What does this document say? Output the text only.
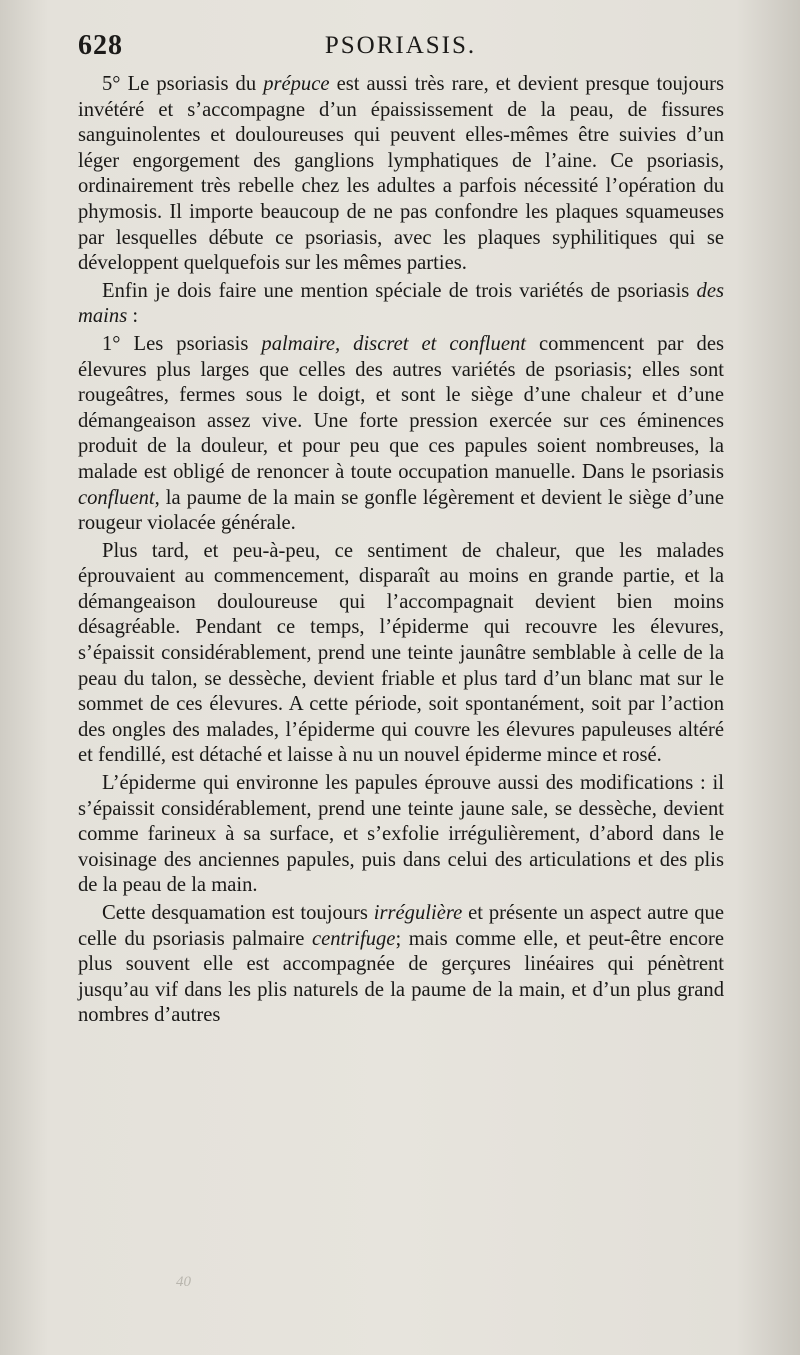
628	PSORIASIS.

5° Le psoriasis du prépuce est aussi très rare, et devient presque toujours invétéré et s’accompagne d’un épaississement de la peau, de fissures sanguinolentes et douloureuses qui peuvent elles-mêmes être suivies d’un léger engorgement des ganglions lymphatiques de l’aine. Ce psoriasis, ordinairement très rebelle chez les adultes a parfois nécessité l’opération du phymosis. Il importe beaucoup de ne pas confondre les plaques squameuses par lesquelles débute ce psoriasis, avec les plaques syphilitiques qui se développent quelquefois sur les mêmes parties.

Enfin je dois faire une mention spéciale de trois variétés de psoriasis des mains :

1° Les psoriasis palmaire, discret et confluent commencent par des élevures plus larges que celles des autres variétés de psoriasis; elles sont rougeâtres, fermes sous le doigt, et sont le siège d’une chaleur et d’une démangeaison assez vive. Une forte pression exercée sur ces éminences produit de la douleur, et pour peu que ces papules soient nombreuses, la malade est obligé de renoncer à toute occupation manuelle. Dans le psoriasis confluent, la paume de la main se gonfle légèrement et devient le siège d’une rougeur violacée générale.

Plus tard, et peu-à-peu, ce sentiment de chaleur, que les malades éprouvaient au commencement, disparaît au moins en grande partie, et la démangeaison douloureuse qui l’accompagnait devient bien moins désagréable. Pendant ce temps, l’épiderme qui recouvre les élevures, s’épaissit considérablement, prend une teinte jaunâtre semblable à celle de la peau du talon, se dessèche, devient friable et plus tard d’un blanc mat sur le sommet de ces élevures. A cette période, soit spontanément, soit par l’action des ongles des malades, l’épiderme qui couvre les élevures papuleuses altéré et fendillé, est détaché et laisse à nu un nouvel épiderme mince et rosé.

L’épiderme qui environne les papules éprouve aussi des modifications : il s’épaissit considérablement, prend une teinte jaune sale, se dessèche, devient comme farineux à sa surface, et s’exfolie irrégulièrement, d’abord dans le voisinage des anciennes papules, puis dans celui des articulations et des plis de la peau de la main.

Cette desquamation est toujours irrégulière et présente un aspect autre que celle du psoriasis palmaire centrifuge; mais comme elle, et peut-être encore plus souvent elle est accompagnée de gerçures linéaires qui pénètrent jusqu’au vif dans les plis naturels de la paume de la main, et d’un plus grand nombres d’autres

40
